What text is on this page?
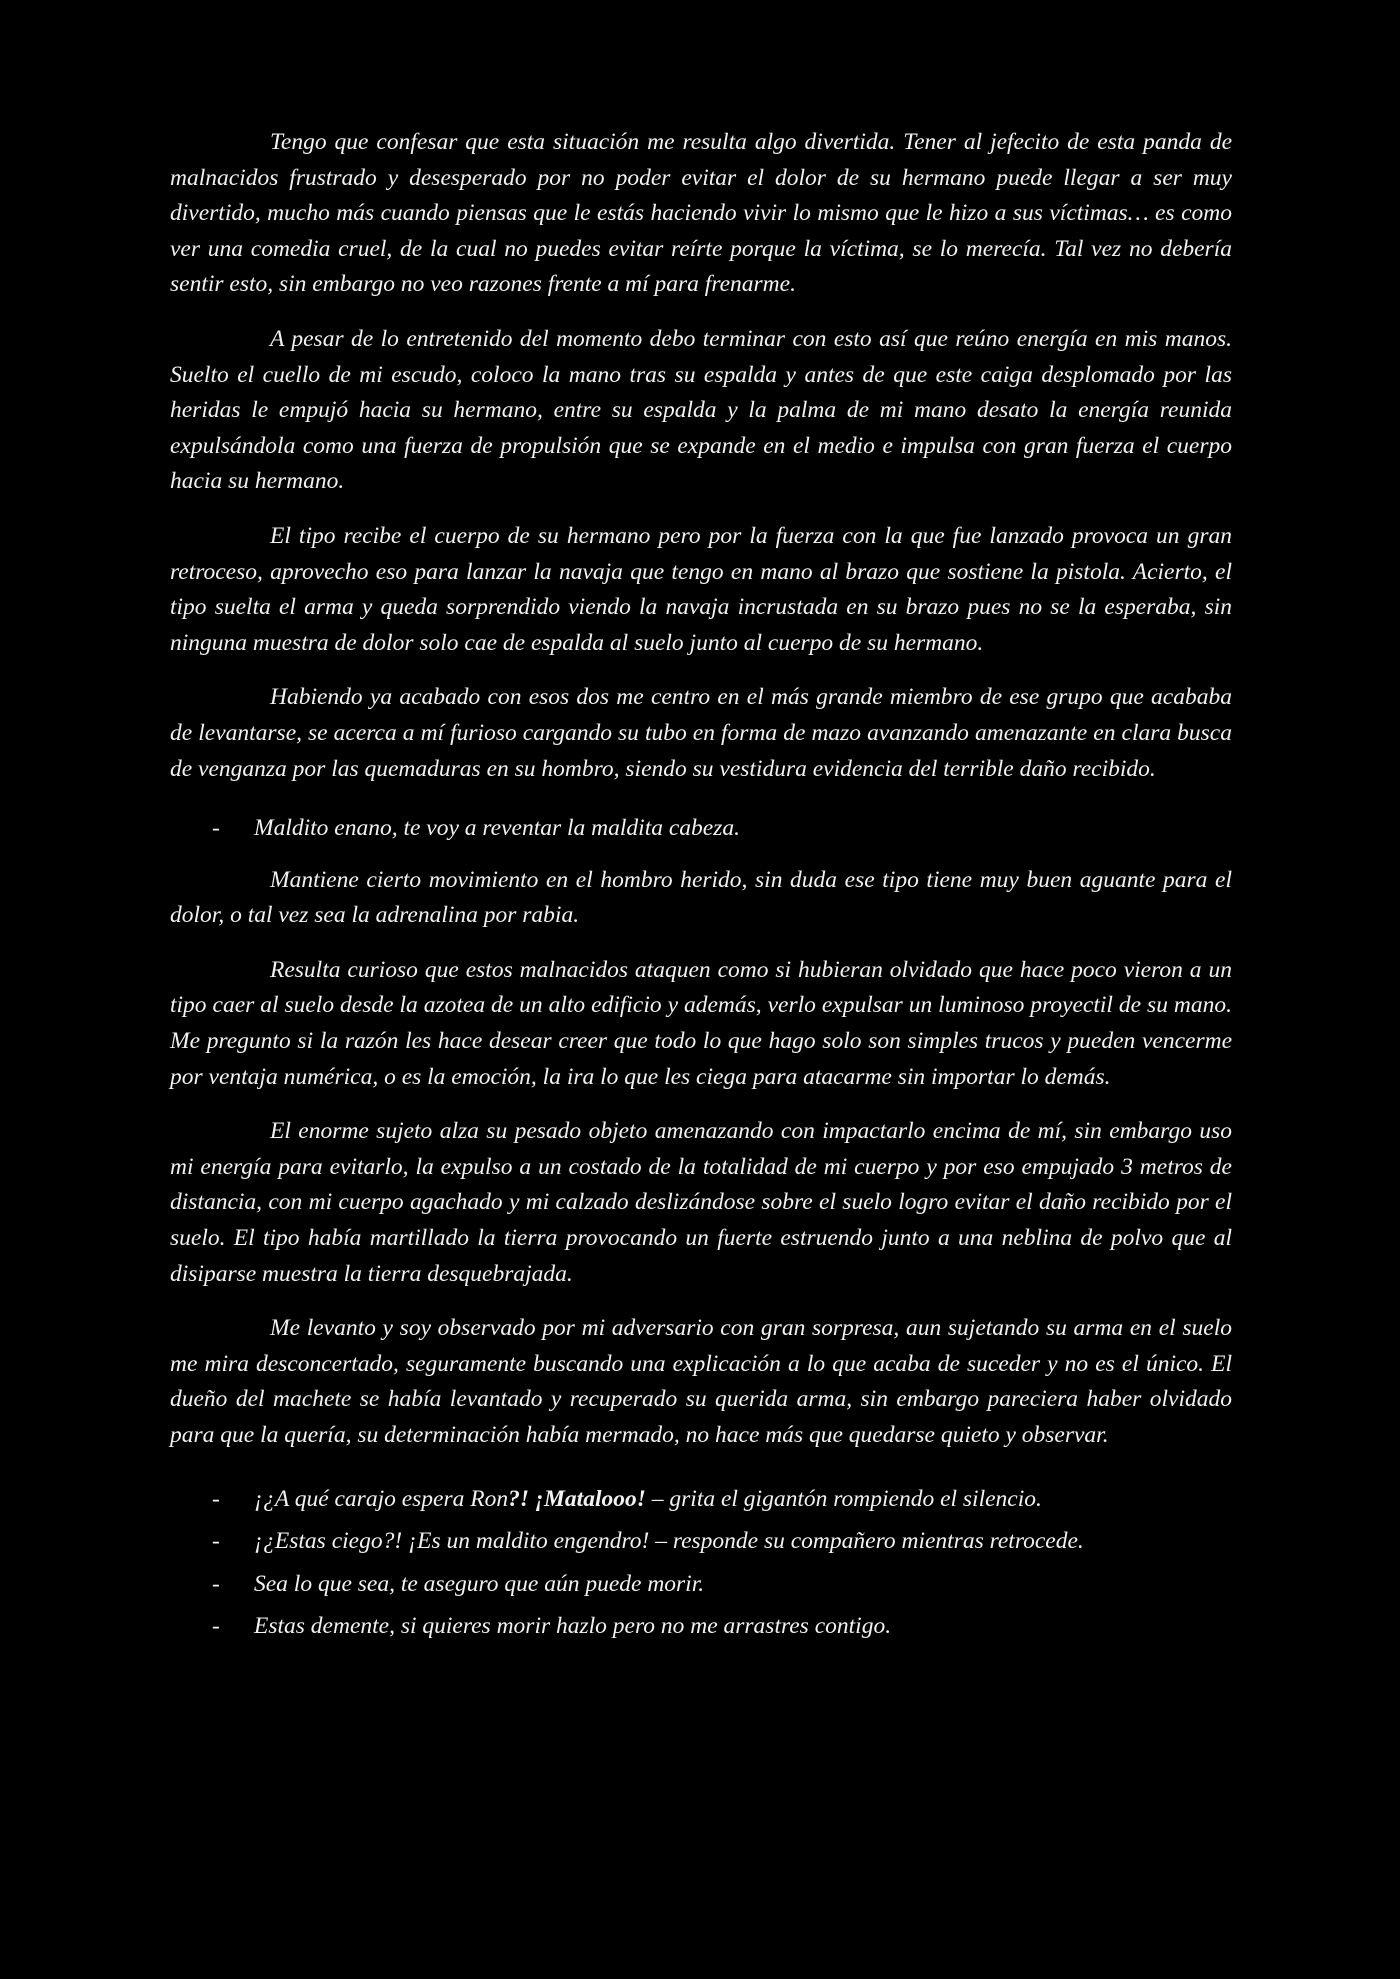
Tengo que confesar que esta situación me resulta algo divertida. Tener al jefecito de esta panda de malnacidos frustrado y desesperado por no poder evitar el dolor de su hermano puede llegar a ser muy divertido, mucho más cuando piensas que le estás haciendo vivir lo mismo que le hizo a sus víctimas… es como ver una comedia cruel, de la cual no puedes evitar reírte porque la víctima, se lo merecía. Tal vez no debería sentir esto, sin embargo no veo razones frente a mí para frenarme.

A pesar de lo entretenido del momento debo terminar con esto así que reúno energía en mis manos. Suelto el cuello de mi escudo, coloco la mano tras su espalda y antes de que este caiga desplomado por las heridas le empujó hacia su hermano, entre su espalda y la palma de mi mano desato la energía reunida expulsándola como una fuerza de propulsión que se expande en el medio e impulsa con gran fuerza el cuerpo hacia su hermano.

El tipo recibe el cuerpo de su hermano pero por la fuerza con la que fue lanzado provoca un gran retroceso, aprovecho eso para lanzar la navaja que tengo en mano al brazo que sostiene la pistola. Acierto, el tipo suelta el arma y queda sorprendido viendo la navaja incrustada en su brazo pues no se la esperaba, sin ninguna muestra de dolor solo cae de espalda al suelo junto al cuerpo de su hermano.

Habiendo ya acabado con esos dos me centro en el más grande miembro de ese grupo que acababa de levantarse, se acerca a mí furioso cargando su tubo en forma de mazo avanzando amenazante en clara busca de venganza por las quemaduras en su hombro, siendo su vestidura evidencia del terrible daño recibido.

- Maldito enano, te voy a reventar la maldita cabeza.

Mantiene cierto movimiento en el hombro herido, sin duda ese tipo tiene muy buen aguante para el dolor, o tal vez sea la adrenalina por rabia.

Resulta curioso que estos malnacidos ataquen como si hubieran olvidado que hace poco vieron a un tipo caer al suelo desde la azotea de un alto edificio y además, verlo expulsar un luminoso proyectil de su mano. Me pregunto si la razón les hace desear creer que todo lo que hago solo son simples trucos y pueden vencerme por ventaja numérica, o es la emoción, la ira lo que les ciega para atacarme sin importar lo demás.

El enorme sujeto alza su pesado objeto amenazando con impactarlo encima de mí, sin embargo uso mi energía para evitarlo, la expulso a un costado de la totalidad de mi cuerpo y por eso empujado 3 metros de distancia, con mi cuerpo agachado y mi calzado deslizándose sobre el suelo logro evitar el daño recibido por el suelo. El tipo había martillado la tierra provocando un fuerte estruendo junto a una neblina de polvo que al disiparse muestra la tierra desquebrajada.

Me levanto y soy observado por mi adversario con gran sorpresa, aun sujetando su arma en el suelo me mira desconcertado, seguramente buscando una explicación a lo que acaba de suceder y no es el único. El dueño del machete se había levantado y recuperado su querida arma, sin embargo pareciera haber olvidado para que la quería, su determinación había mermado, no hace más que quedarse quieto y observar.

- ¡¿A qué carajo espera Ron?! ¡Matalooo! – grita el gigantón rompiendo el silencio.
- ¡¿Estas ciego?! ¡Es un maldito engendro! – responde su compañero mientras retrocede.
- Sea lo que sea, te aseguro que aún puede morir.
- Estas demente, si quieres morir hazlo pero no me arrastres contigo.
